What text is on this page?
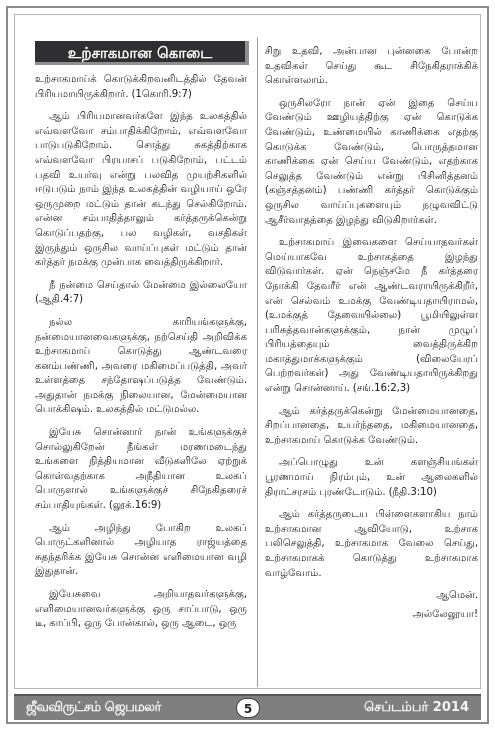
உற்சாகமான கொடை

உற்சாகமாய்க் கொடுக்கிறவனிடத்தில் தேவன் பிரியமாயிருக்கிறார். (1கொரி.9:7)

ஆம் பிரியமானவர்களே இந்த உலகத்தில் எவ்வளவோ சம்பாதிக்கிறோம், எவ்வளவோ பாடுபடுகிறோம். சொத்து சுகத்திற்காக எவ்வளவோ பிரயாசப் படுகிறோம், பட்டம் பதவி உயர்வு என்று பலவித முயற்சிகளில் ஈடுபடும் நாம் இந்த உலகத்தின் வழியாய் ஒரே ஒருமுறை மட்டும் தான் கடந்து செல்கிறோம். என்ன சம்பாதித்தாலும் கர்த்தருக்கென்று கொடுப்பதற்கு, பல வழிகள், வசதிகள் இருந்தும் ஒருசில வாய்ப்புகள் மட்டும் தான் கர்த்தர் நமக்கு முன்பாக வைத்திருக்கிறார்.

நீ நன்மை செய்தால் மேன்மை இல்லையோ (ஆதி.4:7)

நல்ல காரியங்களுக்கு, நன்மையானவைகளுக்கு, நற்செய்தி அறிவிக்க உற்சாகமாய் கொடுத்து ஆண்டவரை கனம்பண்ணி, அவரை மகிமைப்படுத்தி, அவர் உள்ளத்தை சந்தோஷப்படுத்த வேண்டும். அதுதான் நமக்கு நிலையான, மேன்மையான பொக்கிஷம். உலகத்தில் மட்டுமல்ல.

இயேசு சொன்னார் நான் உங்களுக்குச் சொல்லுகிறேன் நீங்கள் மரணமடைந்து உங்களை நித்தியமான வீடுகளிலே ஏற்றுக் கொள்வதற்காக அநீதியான உலகப் பொருளால் உங்களுக்குச் சிநேகிதரைச் சம்பாதியுங்கள். (லூக்.16:9)

ஆம் அழிந்து போகிற உலகப் பொருட்களினால் அழியாத ராஜ்யத்தை சுதந்தரிக்க இயேசு சொன்ன எளிமையான வழி இதுதான்.

இயேசுவை அறியாதவர்களுக்கு, எளிமையானவர்களுக்கு ஒரு சாப்பாடு, ஒரு டீ, காப்பி, ஒரு போன்கால், ஒரு ஆடை, ஒரு

சிறு உதவி, அன்பான புன்னகை போன்ற உதவிகள் செய்து கூட சிநேகிதராக்கிக் கொள்ளலாம்.

ஒருசிலரோ நான் ஏன் இதை செய்ய வேண்டும் ஊழியத்திற்கு ஏன் கொடுக்க வேண்டும், உண்மையில் காணிக்கை எதற்கு கொடுக்க வேண்டும், பொருத்தமான காணிக்கை ஏன் செய்ய வேண்டும், எதற்காக செலுத்த வேண்டும் என்று பிசினித்தனம் (கஞ்சத்தனம்) பண்ணி கர்த்தர் கொடுக்கும் ஒருசில வாய்ப்புகளையும் நழுவவிட்டு ஆசீர்வாதத்தை இழந்து விடுகிறார்கள்.

உற்சாகமாய் இவைகளை செய்யாதவர்கள் மெய்யாகவே உற்சாகத்தை இழந்து விடுவார்கள். ஏன் நெஞ்சமே நீ கர்த்தரை நோக்கி தேவரீர் என் ஆண்டவராயிருக்கிறீர், என் செல்வம் உமக்கு வேண்டியதாயிராமல், (உமக்குத் தேவையில்லை) பூமியிலுள்ள பரிசுத்தவான்களுக்கும், நான் முழுப் பிரியத்தையும் வைத்திருக்கிற மகாத்துமாக்களுக்கும் (விலையேரப் பெற்றவர்கள்) அது வேண்டியதாயிருக்கிறது என்று சொன்னாய். (சங்.16:2,3)

ஆம் கர்த்தருக்கென்று மேன்மையானதை, சிறப்பானதை, உயர்ந்ததை, மகிமையானதை, உற்சாகமாய் கொடுக்க வேண்டும்.

அப்பொழுது உன் களஞ்சியங்கள் பூரணமாய் நிரம்பும், உன் ஆலைகளில் திராட்சரசம் புரண்டோடும். (நீதி.3:10)

ஆம் கர்த்தருடைய பிள்ளைகளாகிய நாம் உற்சாகமான ஆவியோடு, உற்சாக பலிசெலுத்தி, உற்சாகமாக வேலை செய்து, உற்சாகமாகக் கொடுத்து உற்சாகமாக வாழ்வோம்.

ஆமென்.

அல்லேலூயா!

ஜீவவிருட்சம் ஜெபமலர்	5	செப்டம்பர் 2014
